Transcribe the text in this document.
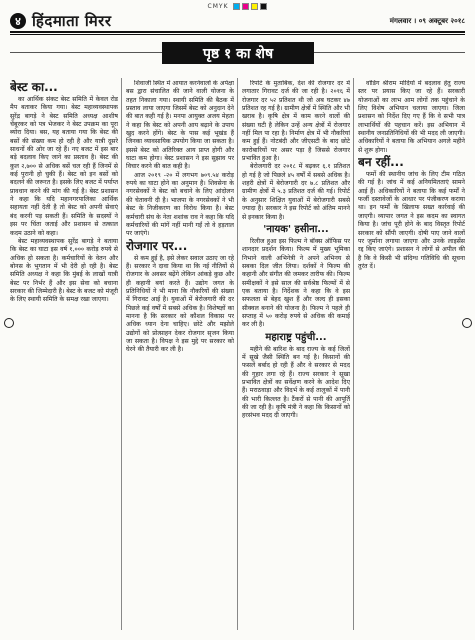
CMYK
४ हिंदमाता मिरर	मंगलवार । ०९ अक्टूबर २०१८
पृष्ठ १ का शेष
बेस्ट का...

का आर्थिक संकट बेस्ट समिति में केवल रोड मैप बताकर किया गया। बेस्ट महाव्यवस्थापक सुरेंद्र बागड़े ने बेस्ट समिति अध्यक्ष आशीष चेंबूरकर को पत्र भेजकर ने बेस्ट उपक्रम का पूरा ब्योरा दिया। बस, यह बताया गया कि बेस्ट की बसों की संख्या कम हो रही है और यात्री दूसरे साधनों की ओर जा रहे हैं। नए बजट में इस बार बड़े बदलाव किए जाने का प्रस्ताव है। बेस्ट की कुल २,७०० से अधिक बसें चल रही हैं जिनमें से कई पुरानी हो चुकी हैं। बेस्ट को इन बसों को बदलने की जरूरत है। इसके लिए बजट में पर्याप्त प्रावधान करने की मांग की गई है। बेस्ट प्रशासन ने कहा कि यदि महानगरपालिका आर्थिक सहायता नहीं देती है तो बेस्ट को अपनी सेवाएं बंद करनी पड़ सकती हैं। समिति के सदस्यों ने इस पर चिंता जताई और प्रशासन से तत्काल कदम उठाने को कहा।

बेस्ट महाव्यवस्थापक सुरेंद्र बागड़े ने बताया कि बेस्ट का घाटा इस वर्ष १,००० करोड़ रुपये से अधिक हो सकता है। कर्मचारियों के वेतन और बोनस के भुगतान में भी देरी हो रही है। बेस्ट समिति अध्यक्ष ने कहा कि मुंबई के लाखों यात्री बेस्ट पर निर्भर हैं और इस सेवा को बचाना सरकार की जिम्मेदारी है। बेस्ट के बजट को मंजूरी के लिए स्थायी समिति के समक्ष रखा जाएगा।

शिवाजी स्थित में आयात करनेवालों के अपेक्षा बस द्वारा संचालित की जाने वाली योजना के तहत निकाला गया। स्थायी समिति की बैठक में प्रस्ताव लाया जाएगा जिसमें बेस्ट को अनुदान देने की बात कही गई है। मनपा आयुक्त अजय मेहता ने कहा कि बेस्ट को अपनी आय बढ़ाने के उपाय खुद करने होंगे। बेस्ट के पास कई भूखंड हैं जिनका व्यावसायिक उपयोग किया जा सकता है। इससे बेस्ट को अतिरिक्त आय प्राप्त होगी और घाटा कम होगा। बेस्ट प्रशासन ने इस सुझाव पर विचार करने की बात कही है।

आज २०१९ -२० में लगभग ७०९.५४ करोड़ रुपये का घाटा होने का अनुमान है। शिवसेना के नगरसेवकों ने बेस्ट को बचाने के लिए आंदोलन की चेतावनी दी है। भाजपा के नगरसेवकों ने भी बेस्ट के निजीकरण का विरोध किया है। बेस्ट कर्मचारी संघ के नेता शशांक राव ने कहा कि यदि कर्मचारियों की मांगें नहीं मानी गईं तो वे हड़ताल पर जाएंगे।

रोजगार पर...

से कम हुई है, इसे लेकर सवाल उठाए जा रहे हैं। सरकार ने दावा किया था कि नई नीतियों से रोजगार के अवसर बढ़ेंगे लेकिन आंकड़े कुछ और ही कहानी बयां करते हैं। उद्योग जगत के प्रतिनिधियों ने भी माना कि नौकरियों की संख्या में गिरावट आई है। युवाओं में बेरोजगारी की दर पिछले कई वर्षों में सबसे अधिक है। विशेषज्ञों का मानना है कि सरकार को कौशल विकास पर अधिक ध्यान देना चाहिए। छोटे और मझोले उद्योगों को प्रोत्साहन देकर रोजगार सृजन किया जा सकता है। विपक्ष ने इस मुद्दे पर सरकार को घेरने की तैयारी कर ली है।

रिपोर्ट के मुताबिक, देश की रोजगार दर में लगातार गिरावट दर्ज की जा रही है। २०१६ में रोजगार दर ५२ प्रतिशत थी जो अब घटकर ४७ प्रतिशत रह गई है। ग्रामीण क्षेत्रों में स्थिति और भी खराब है। कृषि क्षेत्र में काम करने वालों की संख्या घटी है लेकिन उन्हें अन्य क्षेत्रों में रोजगार नहीं मिल पा रहा है। निर्माण क्षेत्र में भी नौकरियां कम हुई हैं। नोटबंदी और जीएसटी के बाद छोटे कारोबारियों पर असर पड़ा है जिससे रोजगार प्रभावित हुआ है।

बेरोजगारी दर २०१८ में बढ़कर ६.१ प्रतिशत हो गई है जो पिछले ४५ वर्षों में सबसे अधिक है। शहरी क्षेत्रों में बेरोजगारी दर ७.८ प्रतिशत और ग्रामीण क्षेत्रों में ५.३ प्रतिशत दर्ज की गई। रिपोर्ट के अनुसार शिक्षित युवाओं में बेरोजगारी सबसे ज्यादा है। सरकार ने इस रिपोर्ट को अंतिम मानने से इनकार किया है।

'नायक' हसीना...

रिलीज हुआ इस फिल्म ने बॉक्स ऑफिस पर शानदार प्रदर्शन किया। फिल्म में मुख्य भूमिका निभाने वाली अभिनेत्री ने अपने अभिनय से सबका दिल जीत लिया। दर्शकों ने फिल्म की कहानी और संगीत की जमकर तारीफ की। फिल्म समीक्षकों ने इसे साल की सर्वश्रेष्ठ फिल्मों में से एक बताया है। निर्देशक ने कहा कि वे इस सफलता से बेहद खुश हैं और जल्द ही इसका सीक्वल बनाने की योजना है। फिल्म ने पहले ही सप्ताह में ५० करोड़ रुपये से अधिक की कमाई कर ली है।

महाराष्ट्र पहुंची...

महीने की बारिश के बाद राज्य के कई जिलों में सूखे जैसी स्थिति बन गई है। किसानों की फसलें बर्बाद हो रही हैं और वे सरकार से मदद की गुहार लगा रहे हैं। राज्य सरकार ने सूखा प्रभावित क्षेत्रों का सर्वेक्षण करने के आदेश दिए हैं। मराठवाड़ा और विदर्भ के कई तालुकों में पानी की भारी किल्लत है। टैंकरों से पानी की आपूर्ति की जा रही है। कृषि मंत्री ने कहा कि किसानों को हरसंभव मदद दी जाएगी।

वोडिंग श्रीराम मोदियों में बदलाव हेतु राज्य स्तर पर प्रयास किए जा रहे हैं। सरकारी योजनाओं का लाभ आम लोगों तक पहुंचाने के लिए विशेष अभियान चलाया जाएगा। जिला प्रशासन को निर्देश दिए गए हैं कि वे सभी पात्र लाभार्थियों की पहचान करें। इस अभियान में स्थानीय जनप्रतिनिधियों की भी मदद ली जाएगी। अधिकारियों ने बताया कि अभियान अगले महीने से शुरू होगा।

बन रहीं...

फर्मो की स्थानीय जांच के लिए टीम गठित की गई है। जांच में कई अनियमितताएं सामने आई हैं। अधिकारियों ने बताया कि कई फर्मों ने फर्जी दस्तावेजों के आधार पर पंजीकरण कराया था। इन फर्मों के खिलाफ सख्त कार्रवाई की जाएगी। व्यापार जगत ने इस कदम का स्वागत किया है। जांच पूरी होने के बाद विस्तृत रिपोर्ट सरकार को सौंपी जाएगी। दोषी पाए जाने वालों पर जुर्माना लगाया जाएगा और उनके लाइसेंस रद्द किए जाएंगे। प्रशासन ने लोगों से अपील की है कि वे किसी भी संदिग्ध गतिविधि की सूचना तुरंत दें।
